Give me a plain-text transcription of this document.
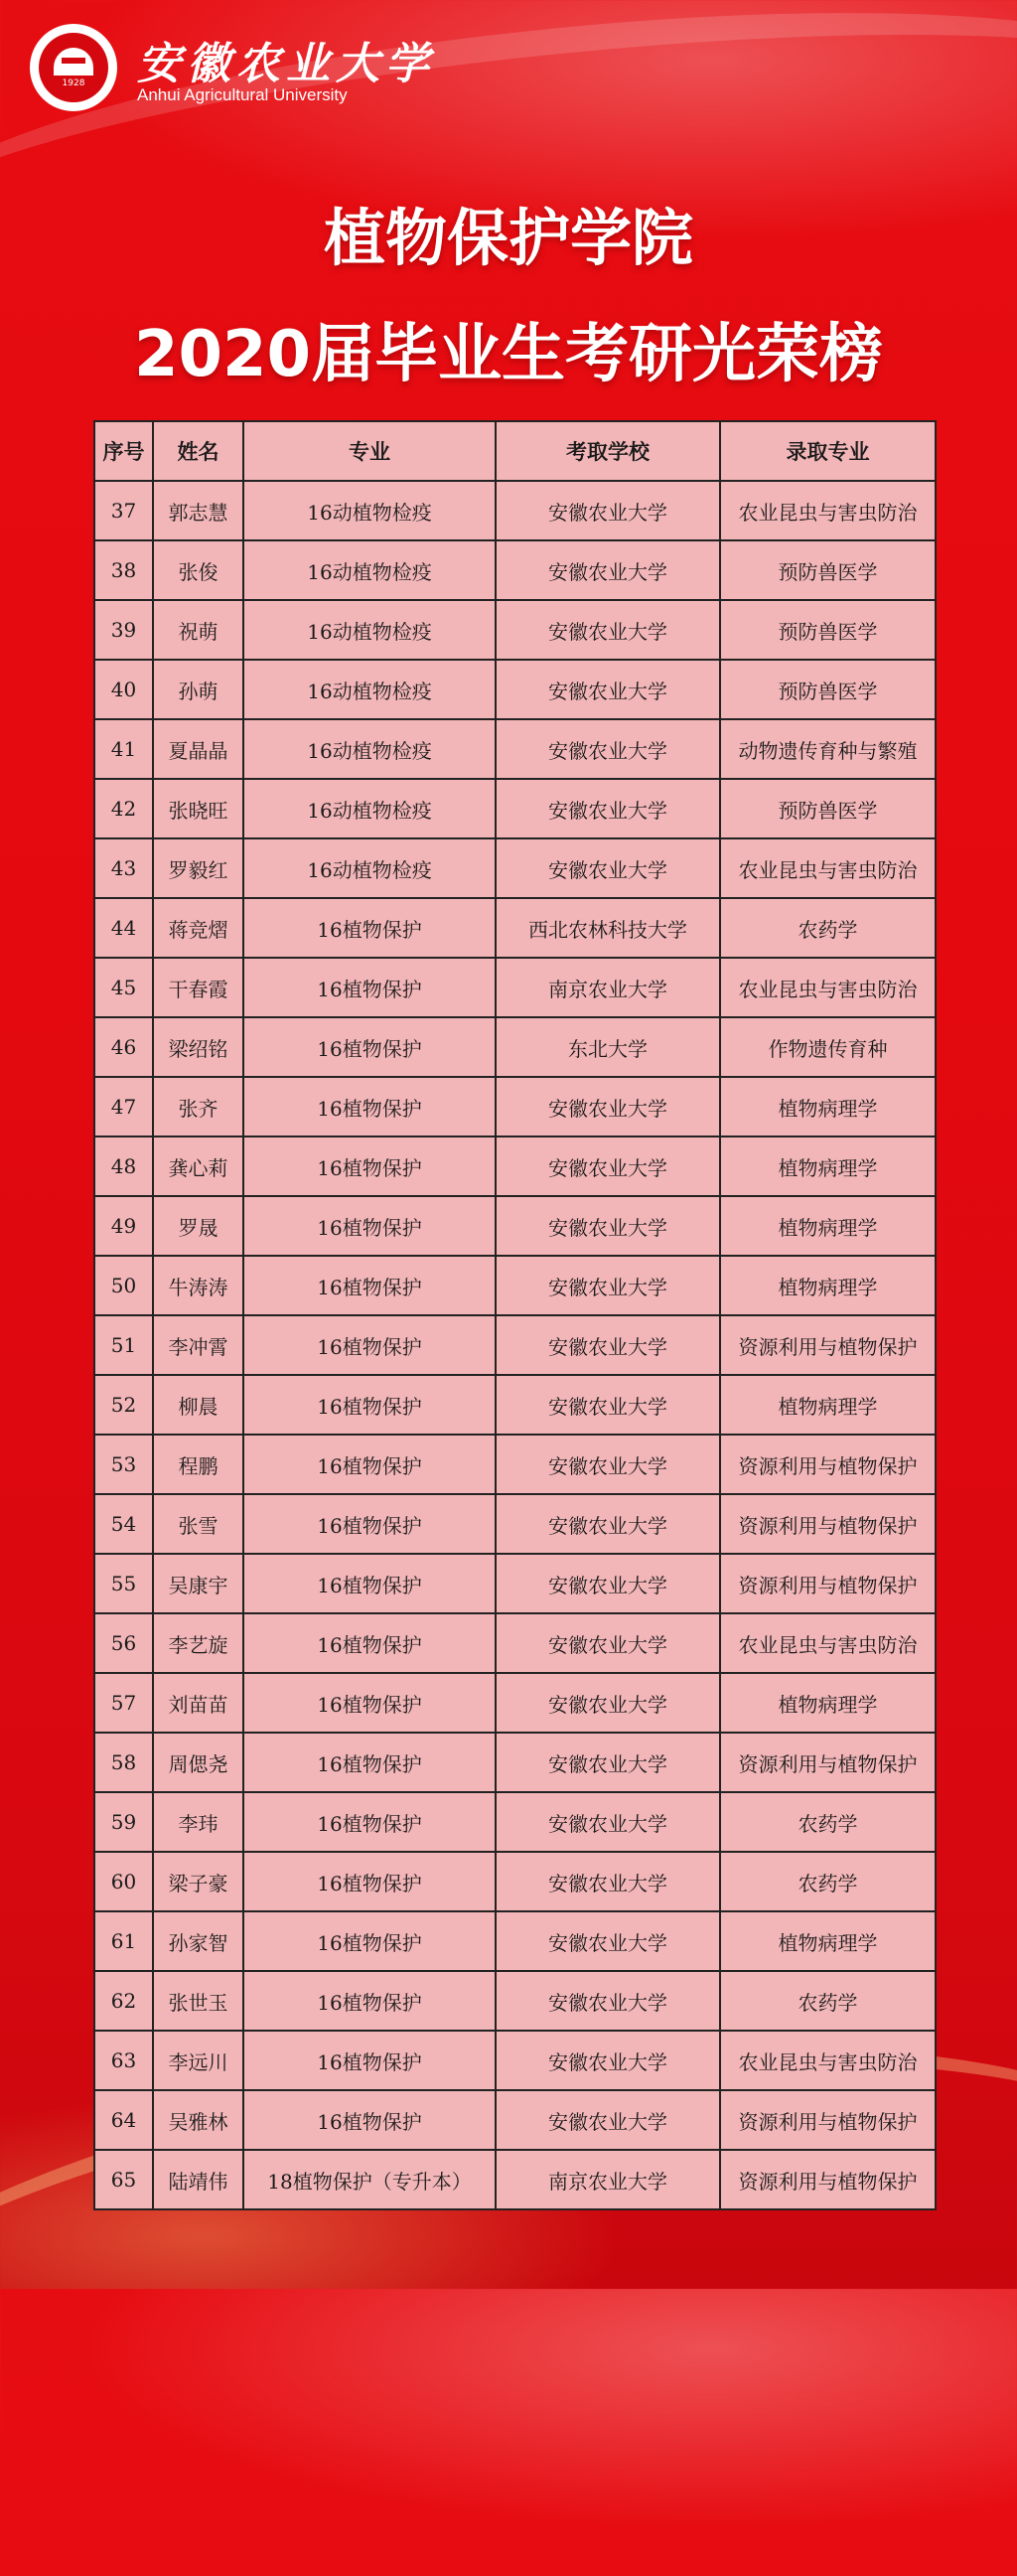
1928 安徽农业大学
Anhui Agricultural University
植物保护学院
2020届毕业生考研光荣榜
序号	姓名	专业	考取学校	录取专业
37	郭志慧	16动植物检疫	安徽农业大学	农业昆虫与害虫防治
38	张俊	16动植物检疫	安徽农业大学	预防兽医学
39	祝萌	16动植物检疫	安徽农业大学	预防兽医学
40	孙萌	16动植物检疫	安徽农业大学	预防兽医学
41	夏晶晶	16动植物检疫	安徽农业大学	动物遗传育种与繁殖
42	张晓旺	16动植物检疫	安徽农业大学	预防兽医学
43	罗毅红	16动植物检疫	安徽农业大学	农业昆虫与害虫防治
44	蒋竞熠	16植物保护	西北农林科技大学	农药学
45	干春霞	16植物保护	南京农业大学	农业昆虫与害虫防治
46	梁绍铭	16植物保护	东北大学	作物遗传育种
47	张齐	16植物保护	安徽农业大学	植物病理学
48	龚心莉	16植物保护	安徽农业大学	植物病理学
49	罗晟	16植物保护	安徽农业大学	植物病理学
50	牛涛涛	16植物保护	安徽农业大学	植物病理学
51	李冲霄	16植物保护	安徽农业大学	资源利用与植物保护
52	柳晨	16植物保护	安徽农业大学	植物病理学
53	程鹏	16植物保护	安徽农业大学	资源利用与植物保护
54	张雪	16植物保护	安徽农业大学	资源利用与植物保护
55	吴康宇	16植物保护	安徽农业大学	资源利用与植物保护
56	李艺旋	16植物保护	安徽农业大学	农业昆虫与害虫防治
57	刘苗苗	16植物保护	安徽农业大学	植物病理学
58	周偲尧	16植物保护	安徽农业大学	资源利用与植物保护
59	李玮	16植物保护	安徽农业大学	农药学
60	梁子豪	16植物保护	安徽农业大学	农药学
61	孙家智	16植物保护	安徽农业大学	植物病理学
62	张世玉	16植物保护	安徽农业大学	农药学
63	李远川	16植物保护	安徽农业大学	农业昆虫与害虫防治
64	吴雅林	16植物保护	安徽农业大学	资源利用与植物保护
65	陆靖伟	18植物保护（专升本）	南京农业大学	资源利用与植物保护
